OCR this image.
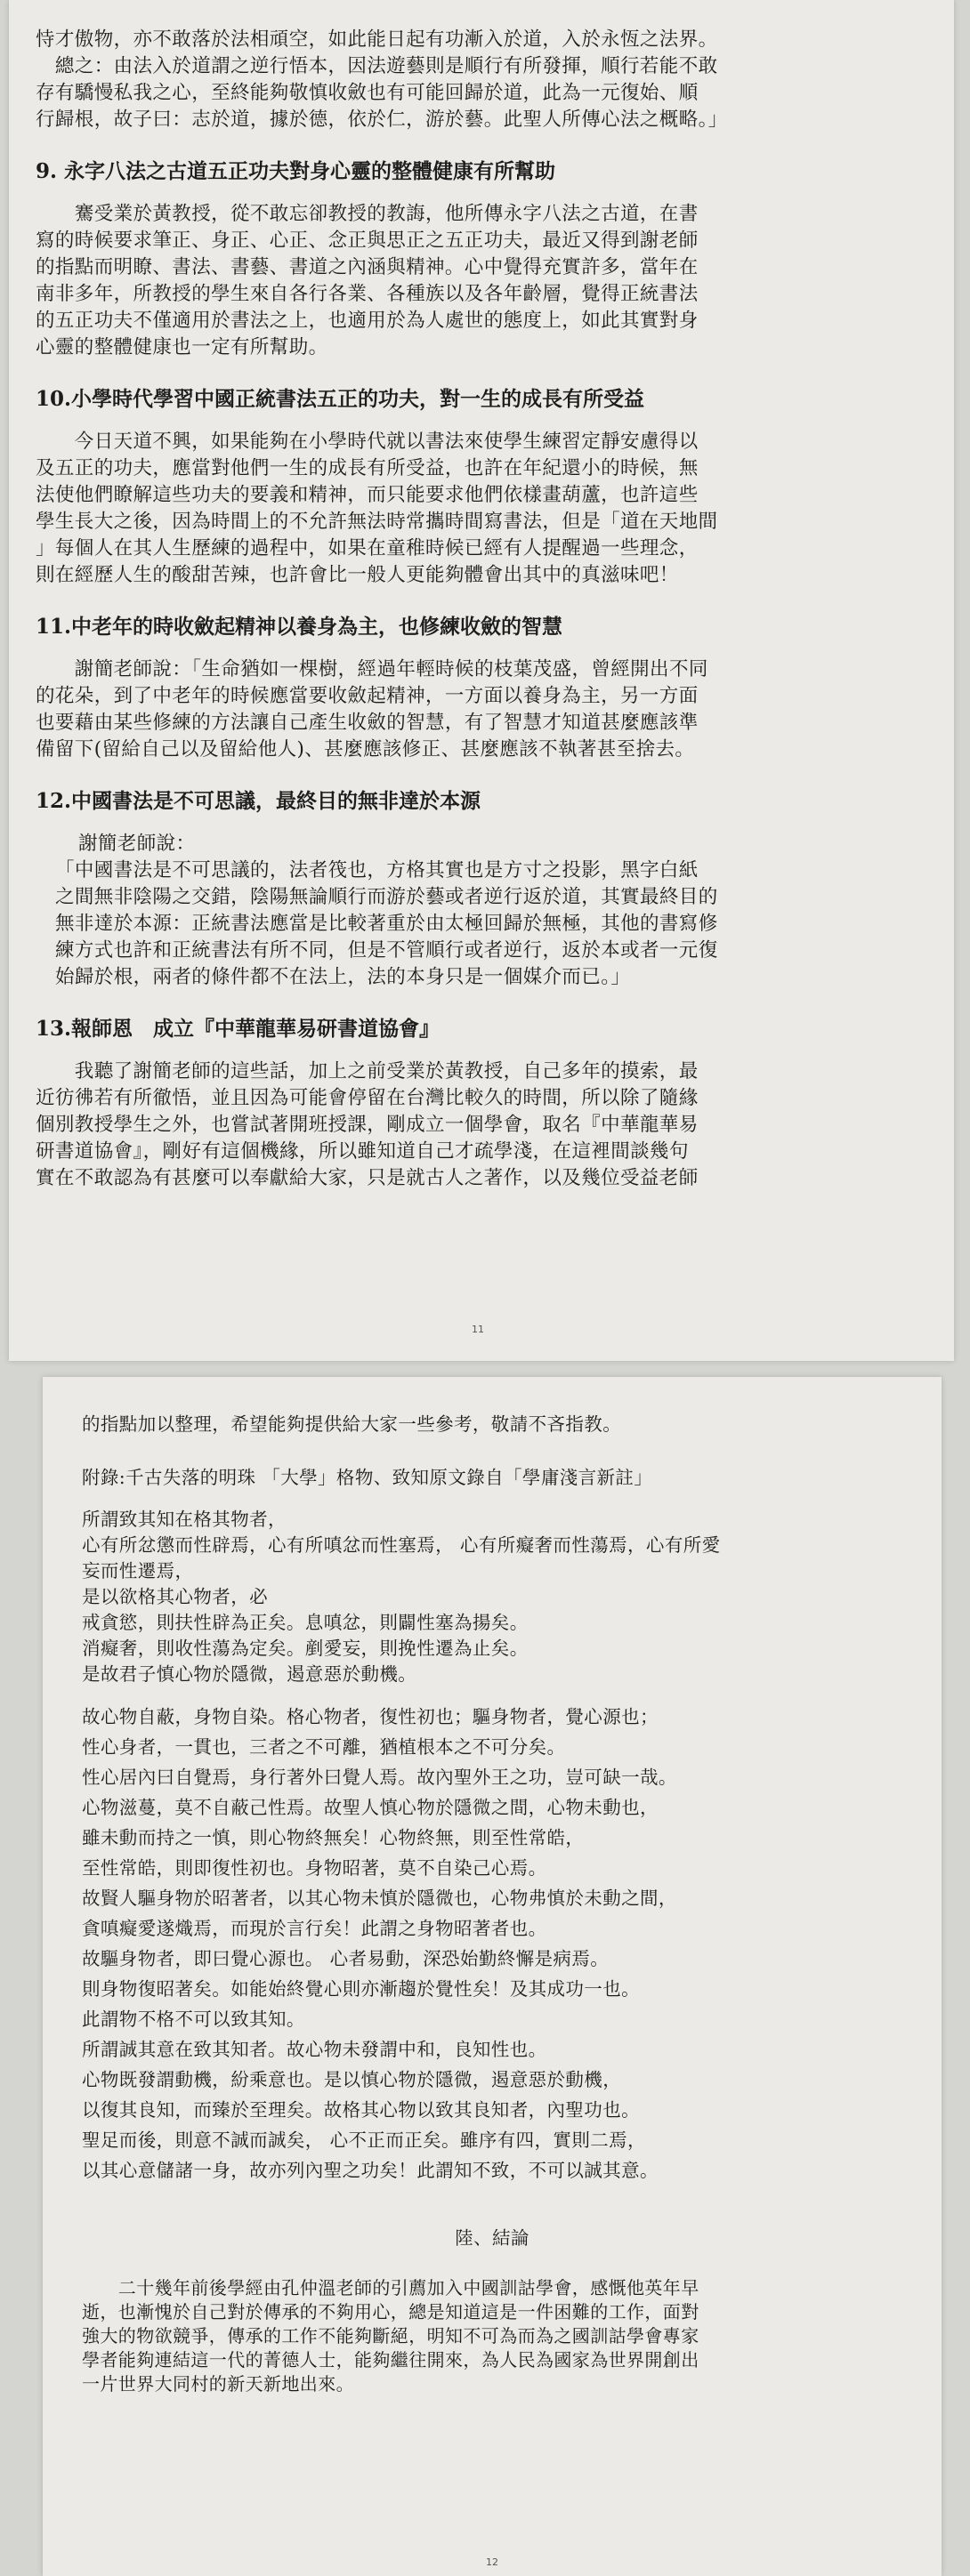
恃才傲物，亦不敢落於法相頑空，如此能日起有功漸入於道，入於永恆之法界。

　總之：由法入於道謂之逆行悟本，因法遊藝則是順行有所發揮，順行若能不敢

存有驕慢私我之心，至終能夠敬慎收斂也有可能回歸於道，此為一元復始、順

行歸根，故子曰：志於道，據於德，依於仁，游於藝。此聖人所傳心法之概略。」

9. 永字八法之古道五正功夫對身心靈的整體健康有所幫助

　　騫受業於黃教授，從不敢忘卻教授的教誨，他所傳永字八法之古道，在書

寫的時候要求筆正、身正、心正、念正與思正之五正功夫，最近又得到謝老師

的指點而明瞭、書法、書藝、書道之內涵與精神。心中覺得充實許多，當年在

南非多年，所教授的學生來自各行各業、各種族以及各年齡層，覺得正統書法

的五正功夫不僅適用於書法之上，也適用於為人處世的態度上，如此其實對身

心靈的整體健康也一定有所幫助。

10.小學時代學習中國正統書法五正的功夫，對一生的成長有所受益

　　今日天道不興，如果能夠在小學時代就以書法來使學生練習定靜安慮得以

及五正的功夫，應當對他們一生的成長有所受益，也許在年紀還小的時候，無

法使他們瞭解這些功夫的要義和精神，而只能要求他們依樣畫葫蘆，也許這些

學生長大之後，因為時間上的不允許無法時常攜時間寫書法，但是「道在天地間

」每個人在其人生歷練的過程中，如果在童稚時候已經有人提醒過一些理念，

則在經歷人生的酸甜苦辣，也許會比一般人更能夠體會出其中的真滋味吧！

11.中老年的時收斂起精神以養身為主，也修練收斂的智慧

　　謝簡老師說：「生命猶如一棵樹，經過年輕時候的枝葉茂盛，曾經開出不同

的花朵，到了中老年的時候應當要收斂起精神，一方面以養身為主，另一方面

也要藉由某些修練的方法讓自己產生收斂的智慧，有了智慧才知道甚麼應該準

備留下(留給自己以及留給他人)、甚麼應該修正、甚麼應該不執著甚至捨去。

12.中國書法是不可思議，最終目的無非達於本源

謝簡老師說：

「中國書法是不可思議的，法者筏也，方格其實也是方寸之投影，黑字白紙

之間無非陰陽之交錯，陰陽無論順行而游於藝或者逆行返於道，其實最終目的

無非達於本源：正統書法應當是比較著重於由太極回歸於無極，其他的書寫修

練方式也許和正統書法有所不同，但是不管順行或者逆行，返於本或者一元復

始歸於根，兩者的條件都不在法上，法的本身只是一個媒介而已。」

13.報師恩　成立『中華龍華易研書道協會』

　　我聽了謝簡老師的這些話，加上之前受業於黃教授，自己多年的摸索，最

近彷彿若有所徹悟，並且因為可能會停留在台灣比較久的時間，所以除了隨緣

個別教授學生之外，也嘗試著開班授課，剛成立一個學會，取名『中華龍華易

研書道協會』，剛好有這個機緣，所以雖知道自己才疏學淺，在這裡間談幾句

實在不敢認為有甚麼可以奉獻給大家，只是就古人之著作，以及幾位受益老師

11

的指點加以整理，希望能夠提供給大家一些參考，敬請不吝指教。

附錄:千古失落的明珠 「大學」格物、致知原文錄自「學庸淺言新註」

所謂致其知在格其物者，

心有所忿懲而性辟焉，心有所嗔忿而性塞焉， 心有所癡奢而性蕩焉，心有所愛

妄而性遷焉，

是以欲格其心物者，必

戒貪慾，則扶性辟為正矣。息嗔忿，則闢性塞為揚矣。

消癡奢，則收性蕩為定矣。剷愛妄，則挽性遷為止矣。

是故君子慎心物於隱微，遏意惡於動機。

故心物自蔽，身物自染。格心物者，復性初也；驅身物者，覺心源也；

性心身者，一貫也，三者之不可離，猶植根本之不可分矣。

性心居內曰自覺焉，身行著外曰覺人焉。故內聖外王之功，豈可缺一哉。

心物滋蔓，莫不自蔽己性焉。故聖人慎心物於隱微之間，心物未動也，

雖未動而持之一慎，則心物終無矣！心物終無，則至性常皓，

至性常皓，則即復性初也。身物昭著，莫不自染己心焉。

故賢人驅身物於昭著者，以其心物未慎於隱微也，心物弗慎於未動之間，

貪嗔癡愛遂熾焉，而現於言行矣！此謂之身物昭著者也。

故驅身物者，即曰覺心源也。 心者易動，深恐始勤終懈是病焉。

則身物復昭著矣。如能始終覺心則亦漸趨於覺性矣！及其成功一也。

此謂物不格不可以致其知。

所謂誠其意在致其知者。故心物未發謂中和，良知性也。

心物既發謂動機，紛乘意也。是以慎心物於隱微，遏意惡於動機，

以復其良知，而臻於至理矣。故格其心物以致其良知者，內聖功也。

聖足而後，則意不誠而誠矣， 心不正而正矣。雖序有四，實則二焉，

以其心意儲諸一身，故亦列內聖之功矣！此謂知不致，不可以誠其意。

陸、結論

　　二十幾年前後學經由孔仲溫老師的引薦加入中國訓詁學會，感慨他英年早

逝，也漸愧於自己對於傳承的不夠用心，總是知道這是一件困難的工作，面對

強大的物欲競爭，傳承的工作不能夠斷絕，明知不可為而為之國訓詁學會專家

學者能夠連結這一代的菁德人士，能夠繼往開來，為人民為國家為世界開創出

一片世界大同村的新天新地出來。

12
